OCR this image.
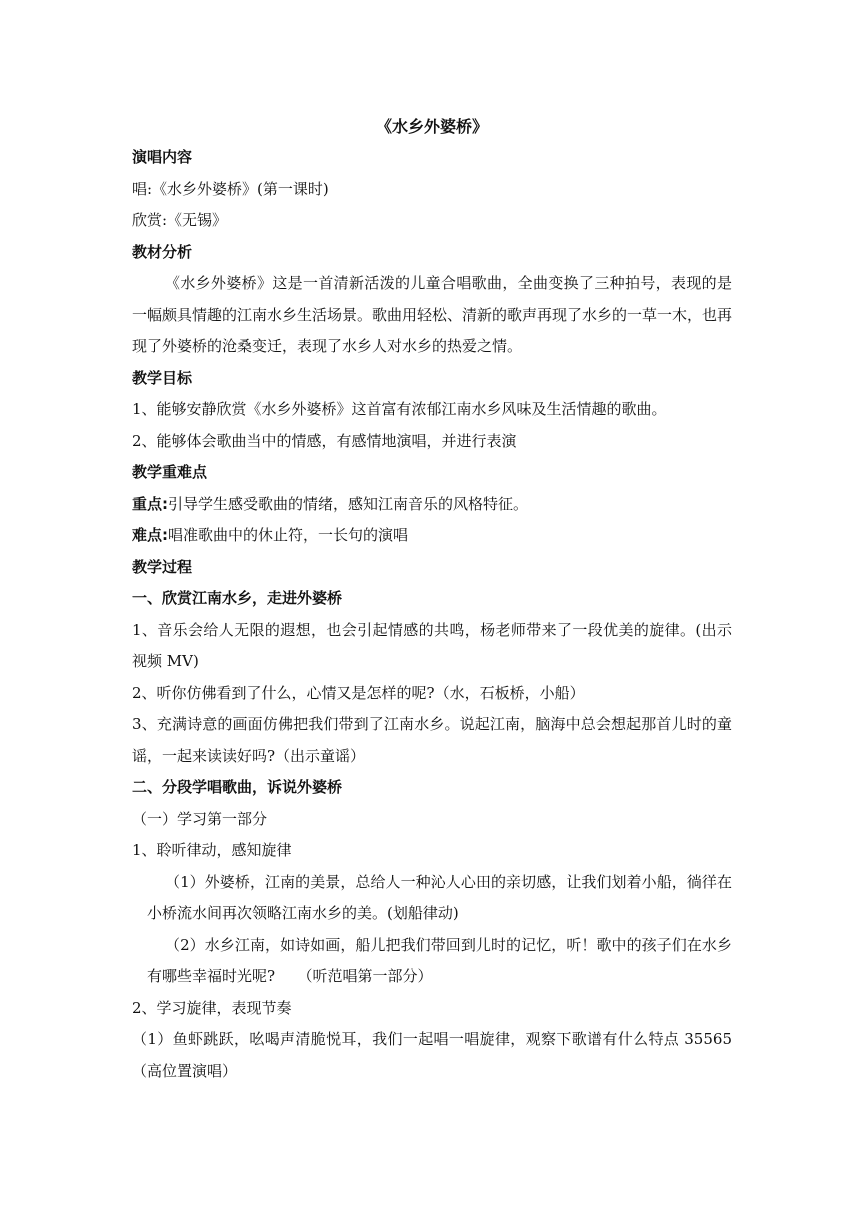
《水乡外婆桥》
演唱内容
唱:《水乡外婆桥》(第一课时)
欣赏:《无锡》
教材分析
《水乡外婆桥》这是一首清新活泼的儿童合唱歌曲，全曲变换了三种拍号，表现的是一幅颇具情趣的江南水乡生活场景。歌曲用轻松、清新的歌声再现了水乡的一草一木，也再现了外婆桥的沧桑变迁，表现了水乡人对水乡的热爱之情。
教学目标
1、能够安静欣赏《水乡外婆桥》这首富有浓郁江南水乡风味及生活情趣的歌曲。
2、能够体会歌曲当中的情感，有感情地演唱，并进行表演
教学重难点
重点:引导学生感受歌曲的情绪，感知江南音乐的风格特征。
难点:唱准歌曲中的休止符，一长句的演唱
教学过程
一、欣赏江南水乡，走进外婆桥
1、音乐会给人无限的遐想，也会引起情感的共鸣，杨老师带来了一段优美的旋律。(出示视频 MV)
2、听你仿佛看到了什么，心情又是怎样的呢?（水，石板桥，小船）
3、充满诗意的画面仿佛把我们带到了江南水乡。说起江南，脑海中总会想起那首儿时的童谣，一起来读读好吗?（出示童谣）
二、分段学唱歌曲，诉说外婆桥
（一）学习第一部分
1、聆听律动，感知旋律
（1）外婆桥，江南的美景，总给人一种沁人心田的亲切感，让我们划着小船，徜徉在小桥流水间再次领略江南水乡的美。(划船律动)
（2）水乡江南，如诗如画，船儿把我们带回到儿时的记忆，听！歌中的孩子们在水乡有哪些幸福时光呢?　　（听范唱第一部分）
2、学习旋律，表现节奏
（1）鱼虾跳跃，吆喝声清脆悦耳，我们一起唱一唱旋律，观察下歌谱有什么特点 35565（高位置演唱）
